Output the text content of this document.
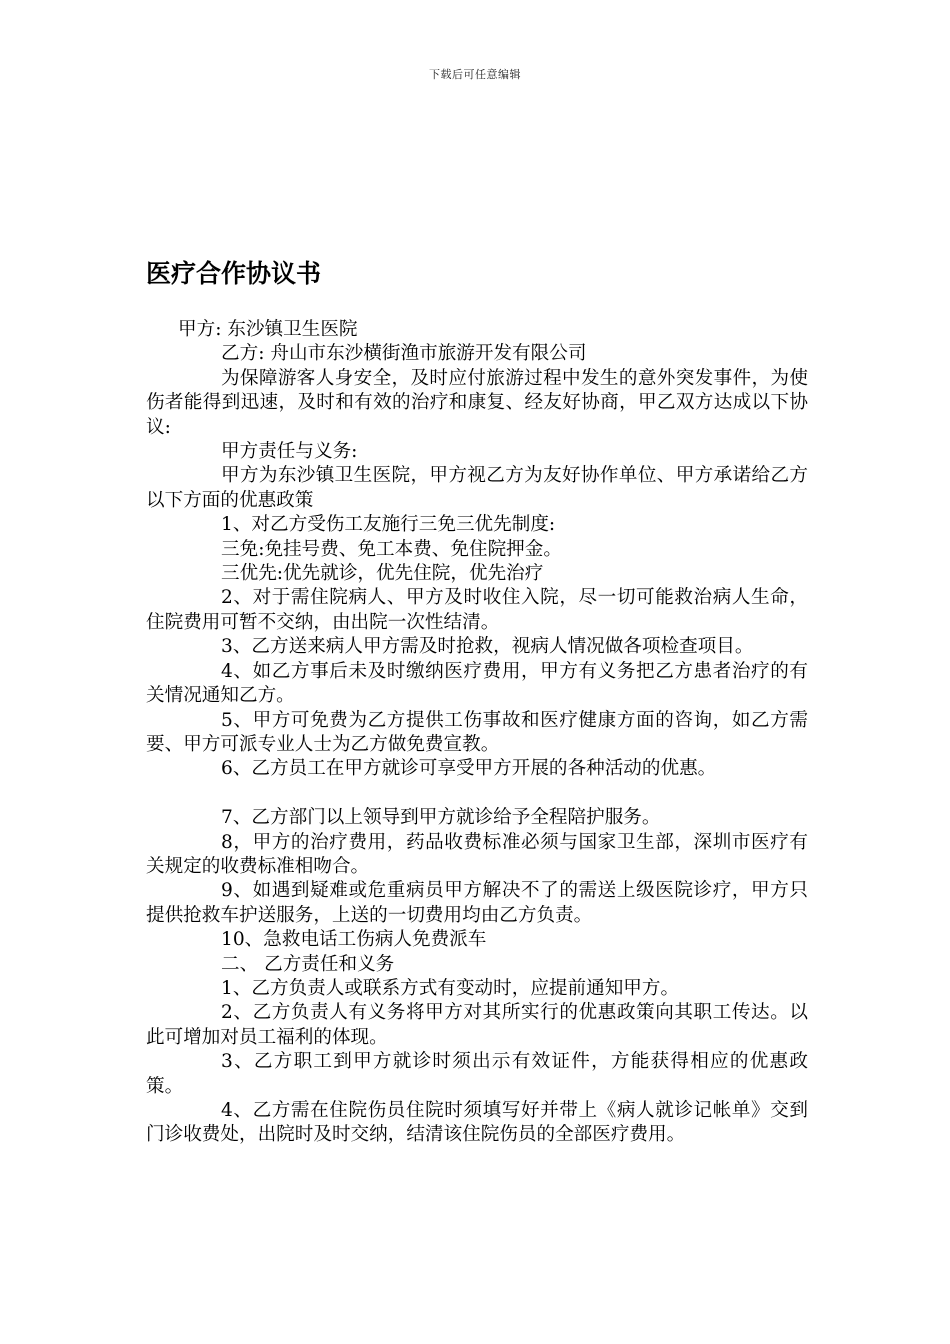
下载后可任意编辑
医疗合作协议书

甲方: 东沙镇卫生医院

乙方: 舟山市东沙横街渔市旅游开发有限公司

为保障游客人身安全，及时应付旅游过程中发生的意外突发事件，为使伤者能得到迅速，及时和有效的治疗和康复、经友好协商，甲乙双方达成以下协议:

甲方责任与义务:

甲方为东沙镇卫生医院，甲方视乙方为友好协作单位、甲方承诺给乙方以下方面的优惠政策

1、对乙方受伤工友施行三免三优先制度:

三免:免挂号费、免工本费、免住院押金。

三优先:优先就诊，优先住院，优先治疗

2、对于需住院病人、甲方及时收住入院，尽一切可能救治病人生命，住院费用可暂不交纳，由出院一次性结清。

3、乙方送来病人甲方需及时抢救，视病人情况做各项检查项目。

4、如乙方事后未及时缴纳医疗费用，甲方有义务把乙方患者治疗的有关情况通知乙方。

5、甲方可免费为乙方提供工伤事故和医疗健康方面的咨询，如乙方需要、甲方可派专业人士为乙方做免费宣教。

6、乙方员工在甲方就诊可享受甲方开展的各种活动的优惠。

7、乙方部门以上领导到甲方就诊给予全程陪护服务。

8，甲方的治疗费用，药品收费标准必须与国家卫生部，深圳市医疗有关规定的收费标准相吻合。

9、如遇到疑难或危重病员甲方解决不了的需送上级医院诊疗，甲方只提供抢救车护送服务，上送的一切费用均由乙方负责。

10、急救电话工伤病人免费派车

二、 乙方责任和义务

1、乙方负责人或联系方式有变动时，应提前通知甲方。

2、乙方负责人有义务将甲方对其所实行的优惠政策向其职工传达。以此可增加对员工福利的体现。

3、乙方职工到甲方就诊时须出示有效证件，方能获得相应的优惠政策。

4、乙方需在住院伤员住院时须填写好并带上《病人就诊记帐单》交到门诊收费处，出院时及时交纳，结清该住院伤员的全部医疗费用。
